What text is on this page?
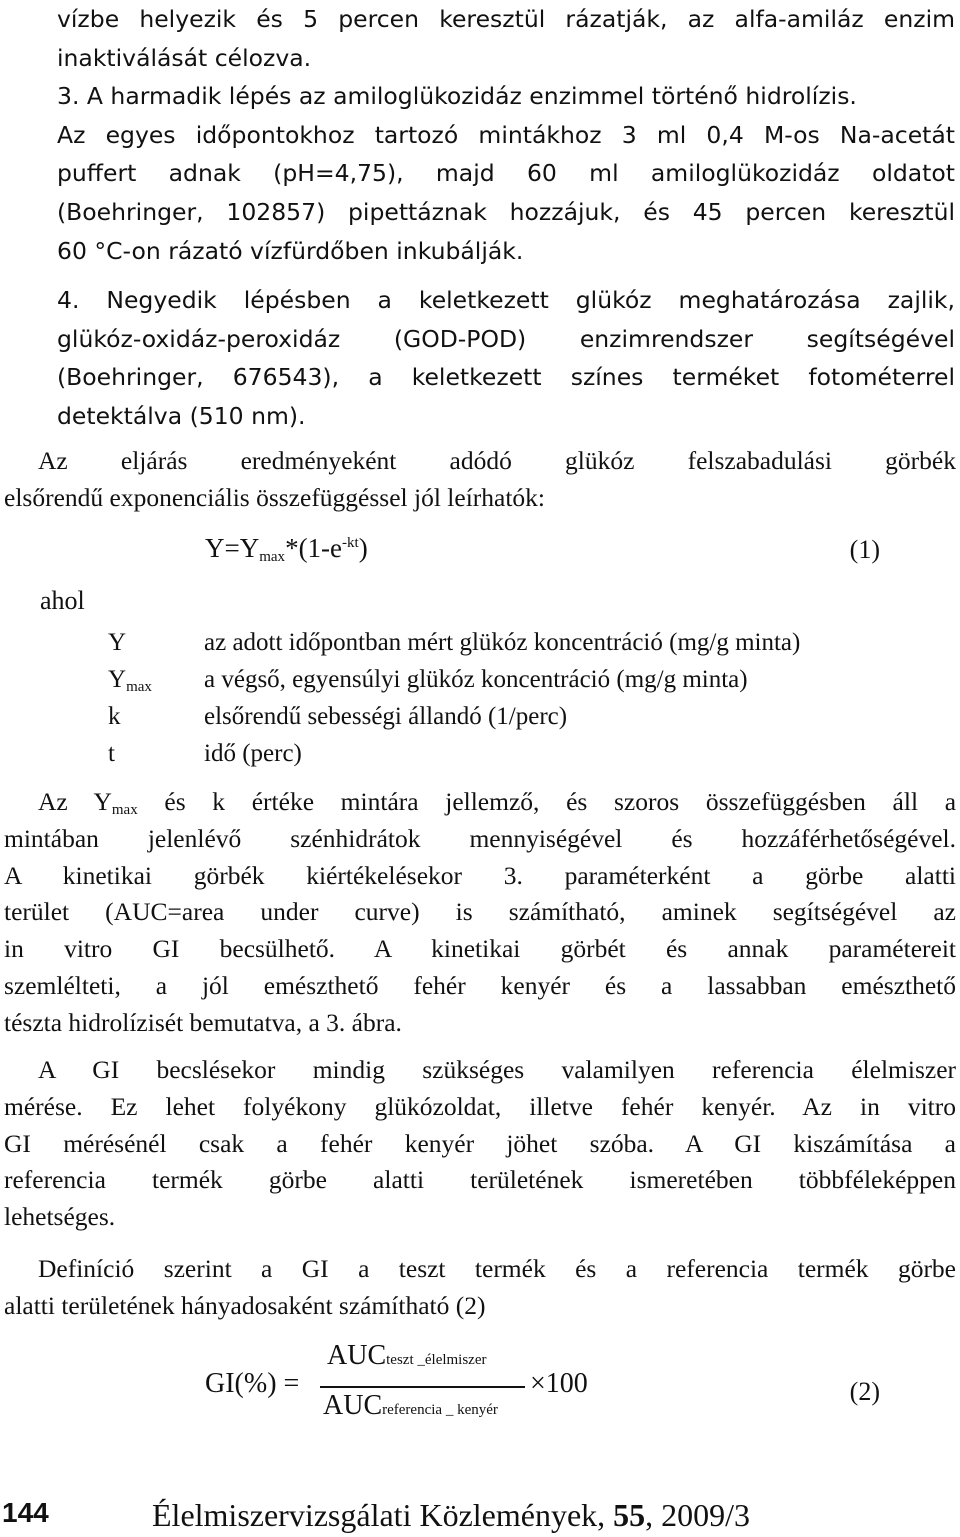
vízbe helyezik és 5 percen keresztül rázatják, az alfa-amiláz enzim
inaktiválását célozva.
3. A harmadik lépés az amiloglükozidáz enzimmel történő hidrolízis.
Az egyes időpontokhoz tartozó mintákhoz 3 ml 0,4 M-os Na-acetát
puffert adnak (pH=4,75), majd 60 ml amiloglükozidáz oldatot
(Boehringer, 102857) pipettáznak hozzájuk, és 45 percen keresztül
60 °C-on rázató vízfürdőben inkubálják.
4. Negyedik lépésben a keletkezett glükóz meghatározása zajlik,
glükóz-oxidáz-peroxidáz (GOD-POD) enzimrendszer segítségével
(Boehringer, 676543), a keletkezett színes terméket fotométerrel
detektálva (510 nm).
Az eljárás eredményeként adódó glükóz felszabadulási görbék
elsőrendű exponenciális összefüggéssel jól leírhatók:
$Y=Y_{max}*(1-e^{-kt})$	(1)
ahol
Y	az adott időpontban mért glükóz koncentráció (mg/g minta)
$Y_{max}$	a végső, egyensúlyi glükóz koncentráció (mg/g minta)
k	elsőrendű sebességi állandó (1/perc)
t	idő (perc)
Az $Y_{max}$ és k értéke mintára jellemző, és szoros összefüggésben áll a
mintában jelenlévő szénhidrátok mennyiségével és hozzáférhetőségével.
A kinetikai görbék kiértékelésekor 3. paraméterként a görbe alatti
terület (AUC=area under curve) is számítható, aminek segítségével az
in vitro GI becsülhető. A kinetikai görbét és annak paramétereit
szemlélteti, a jól emészthető fehér kenyér és a lassabban emészthető
tészta hidrolízisét bemutatva, a 3. ábra.
A GI becslésekor mindig szükséges valamilyen referencia élelmiszer
mérése. Ez lehet folyékony glükózoldat, illetve fehér kenyér. Az in vitro
GI mérésénél csak a fehér kenyér jöhet szóba. A GI kiszámítása a
referencia termék görbe alatti területének ismeretében többféleképpen
lehetséges.
Definíció szerint a GI a teszt termék és a referencia termék görbe
alatti területének hányadosaként számítható (2)
GI(%) =
AUCteszt _élelmiszer
AUCreferencia _ kenyér
×100	(2)
144	Élelmiszervizsgálati Közlemények, 55, 2009/3
